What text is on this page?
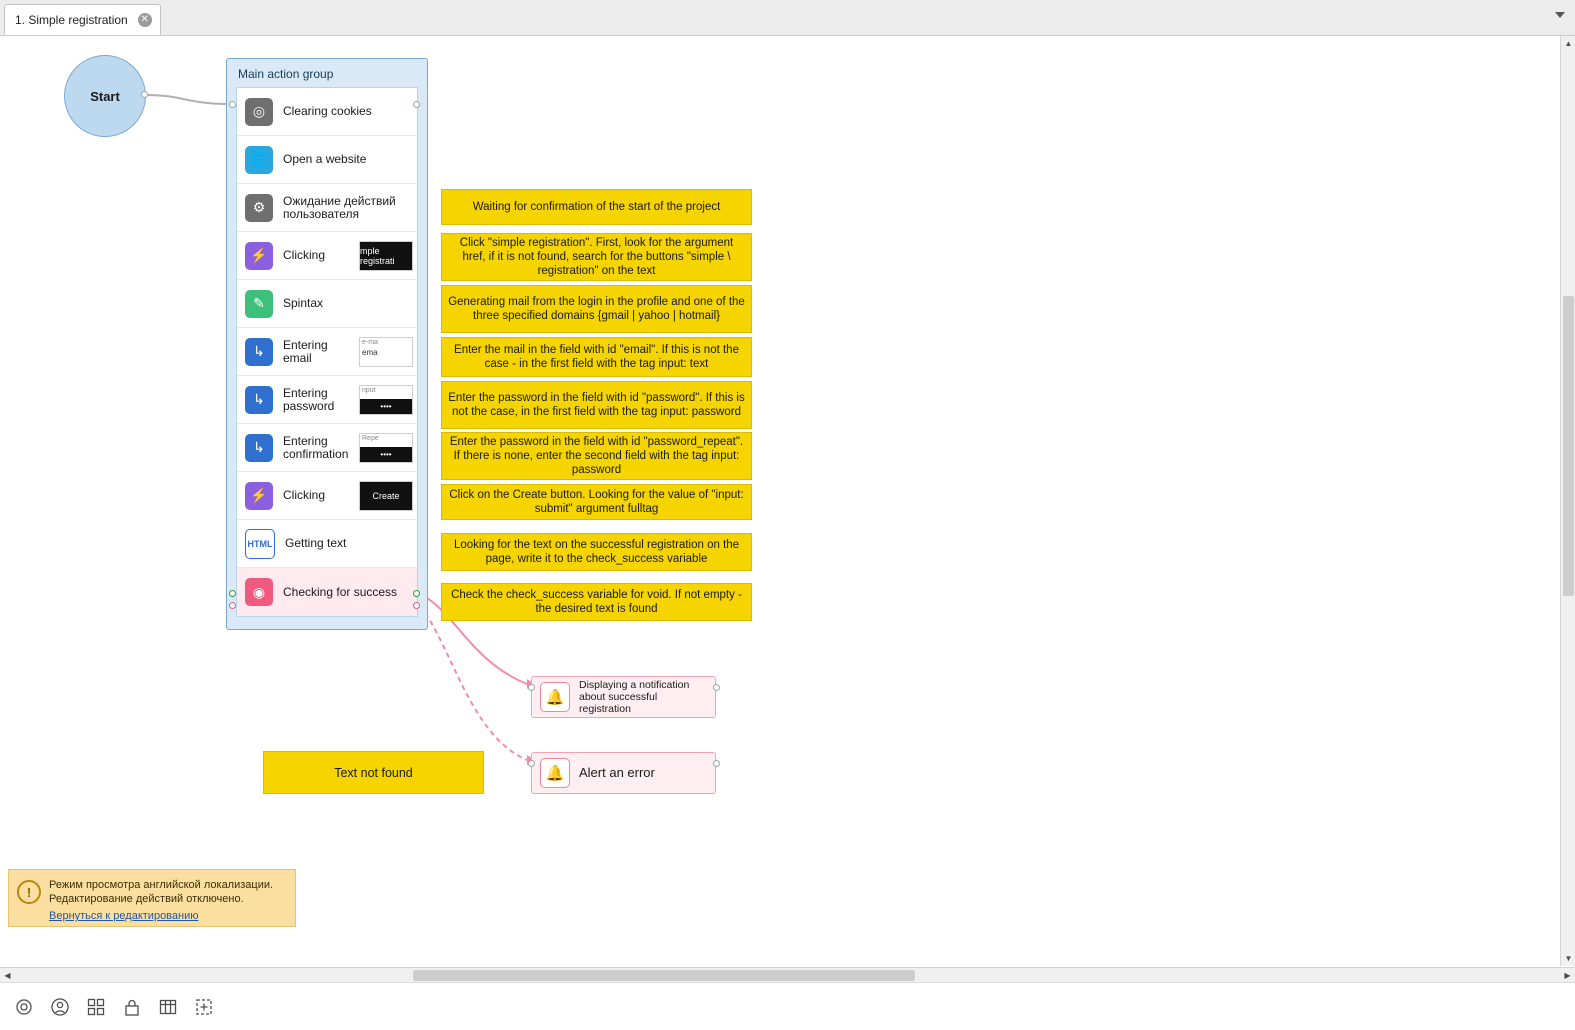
1. Simple registration ✕
Start
Main action group
◎	Clearing cookies
🌐	Open a website
⚙	Ожидание действий пользователя
⚡	Clicking	mple registrati
✎	Spintax
↳	Entering email
e-ma
ema
↳	Entering password
nput
••••
↳	Entering confirmation
Repe
••••
⚡	Clicking	Create
HTML Getting text
◉	Checking for success
Waiting for confirmation of the start of the project
Click "simple registration". First, look for the argument href, if it is not found, search for the buttons "simple \ registration" on the text
Generating mail from the login in the profile and one of the three specified domains {gmail | yahoo | hotmail}
Enter the mail in the field with id "email". If this is not the case - in the first field with the tag input: text
Enter the password in the field with id "password". If this is not the case, in the first field with the tag input: password
Enter the password in the field with id "password_repeat". If there is none, enter the second field with the tag input: password
Click on the Create button. Looking for the value of "input: submit" argument fulltag
Looking for the text on the successful registration on the page, write it to the check_success variable
Check the check_success variable for void. If not empty - the desired text is found
Text not found
🔔
Displaying a notification about successful registration
🔔	Alert an error
!	Режим просмотра английской локализации.
Редактирование действий отключено.
Вернуться к редактированию
▲
▼
◀	▶
